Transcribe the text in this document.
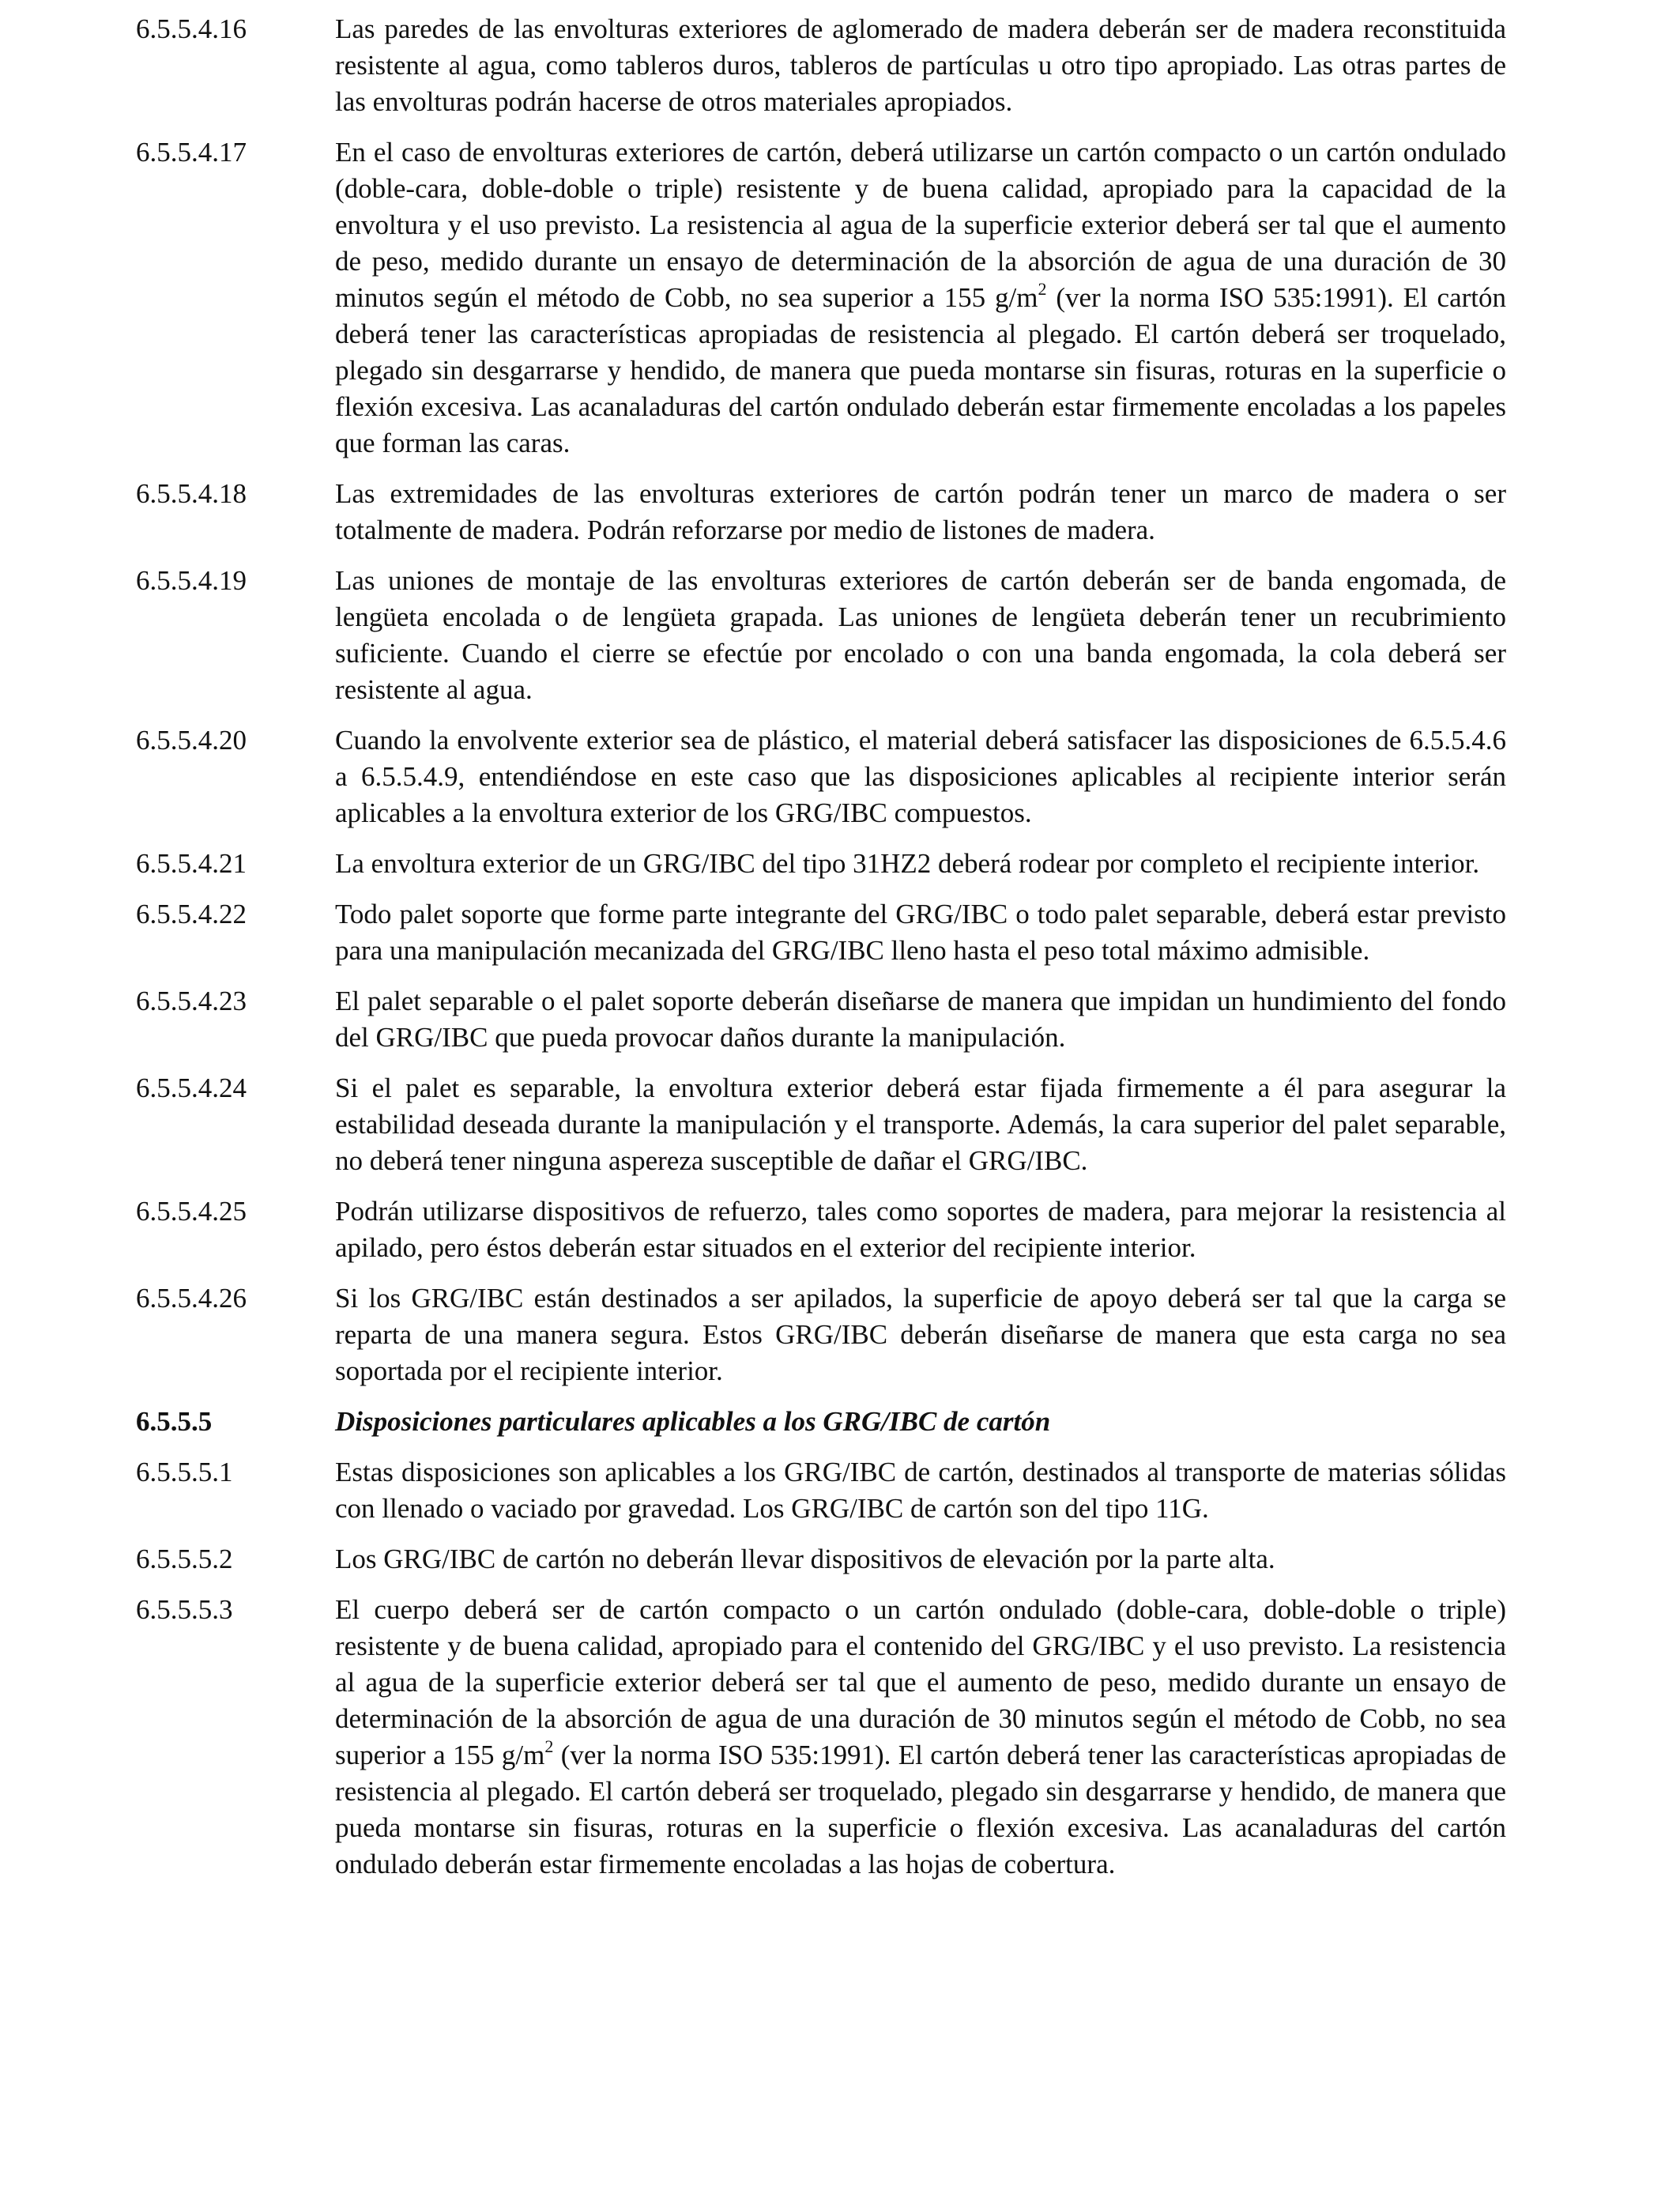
6.5.5.4.16	Las paredes de las envolturas exteriores de aglomerado de madera deberán ser de madera reconstituida resistente al agua, como tableros duros, tableros de partículas u otro tipo apropiado. Las otras partes de las envolturas podrán hacerse de otros materiales apropiados.
6.5.5.4.17	En el caso de envolturas exteriores de cartón, deberá utilizarse un cartón compacto o un cartón ondulado (doble-cara, doble-doble o triple) resistente y de buena calidad, apropiado para la capacidad de la envoltura y el uso previsto. La resistencia al agua de la superficie exterior deberá ser tal que el aumento de peso, medido durante un ensayo de determinación de la absorción de agua de una duración de 30 minutos según el método de Cobb, no sea superior a 155 $g/m^2$ (ver la norma ISO 535:1991). El cartón deberá tener las características apropiadas de resistencia al plegado. El cartón deberá ser troquelado, plegado sin desgarrarse y hendido, de manera que pueda montarse sin fisuras, roturas en la superficie o flexión excesiva. Las acanaladuras del cartón ondulado deberán estar firmemente encoladas a los papeles que forman las caras.
6.5.5.4.18	Las extremidades de las envolturas exteriores de cartón podrán tener un marco de madera o ser totalmente de madera. Podrán reforzarse por medio de listones de madera.
6.5.5.4.19	Las uniones de montaje de las envolturas exteriores de cartón deberán ser de banda engomada, de lengüeta encolada o de lengüeta grapada. Las uniones de lengüeta deberán tener un recubrimiento suficiente. Cuando el cierre se efectúe por encolado o con una banda engomada, la cola deberá ser resistente al agua.
6.5.5.4.20	Cuando la envolvente exterior sea de plástico, el material deberá satisfacer las disposiciones de 6.5.5.4.6 a 6.5.5.4.9, entendiéndose en este caso que las disposiciones aplicables al recipiente interior serán aplicables a la envoltura exterior de los GRG/IBC compuestos.
6.5.5.4.21	La envoltura exterior de un GRG/IBC del tipo 31HZ2 deberá rodear por completo el recipiente interior.
6.5.5.4.22	Todo palet soporte que forme parte integrante del GRG/IBC o todo palet separable, deberá estar previsto para una manipulación mecanizada del GRG/IBC lleno hasta el peso total máximo admisible.
6.5.5.4.23	El palet separable o el palet soporte deberán diseñarse de manera que impidan un hundimiento del fondo del GRG/IBC que pueda provocar daños durante la manipulación.
6.5.5.4.24	Si el palet es separable, la envoltura exterior deberá estar fijada firmemente a él para asegurar la estabilidad deseada durante la manipulación y el transporte. Además, la cara superior del palet separable, no deberá tener ninguna aspereza susceptible de dañar el GRG/IBC.
6.5.5.4.25	Podrán utilizarse dispositivos de refuerzo, tales como soportes de madera, para mejorar la resistencia al apilado, pero éstos deberán estar situados en el exterior del recipiente interior.
6.5.5.4.26	Si los GRG/IBC están destinados a ser apilados, la superficie de apoyo deberá ser tal que la carga se reparta de una manera segura. Estos GRG/IBC deberán diseñarse de manera que esta carga no sea soportada por el recipiente interior.
6.5.5.5	Disposiciones particulares aplicables a los GRG/IBC de cartón
6.5.5.5.1	Estas disposiciones son aplicables a los GRG/IBC de cartón, destinados al transporte de materias sólidas con llenado o vaciado por gravedad. Los GRG/IBC de cartón son del tipo 11G.
6.5.5.5.2	Los GRG/IBC de cartón no deberán llevar dispositivos de elevación por la parte alta.
6.5.5.5.3	El cuerpo deberá ser de cartón compacto o un cartón ondulado (doble-cara, doble-doble o triple) resistente y de buena calidad, apropiado para el contenido del GRG/IBC y el uso previsto. La resistencia al agua de la superficie exterior deberá ser tal que el aumento de peso, medido durante un ensayo de determinación de la absorción de agua de una duración de 30 minutos según el método de Cobb, no sea superior a 155 $g/m^2$ (ver la norma ISO 535:1991). El cartón deberá tener las características apropiadas de resistencia al plegado. El cartón deberá ser troquelado, plegado sin desgarrarse y hendido, de manera que pueda montarse sin fisuras, roturas en la superficie o flexión excesiva. Las acanaladuras del cartón ondulado deberán estar firmemente encoladas a las hojas de cobertura.
